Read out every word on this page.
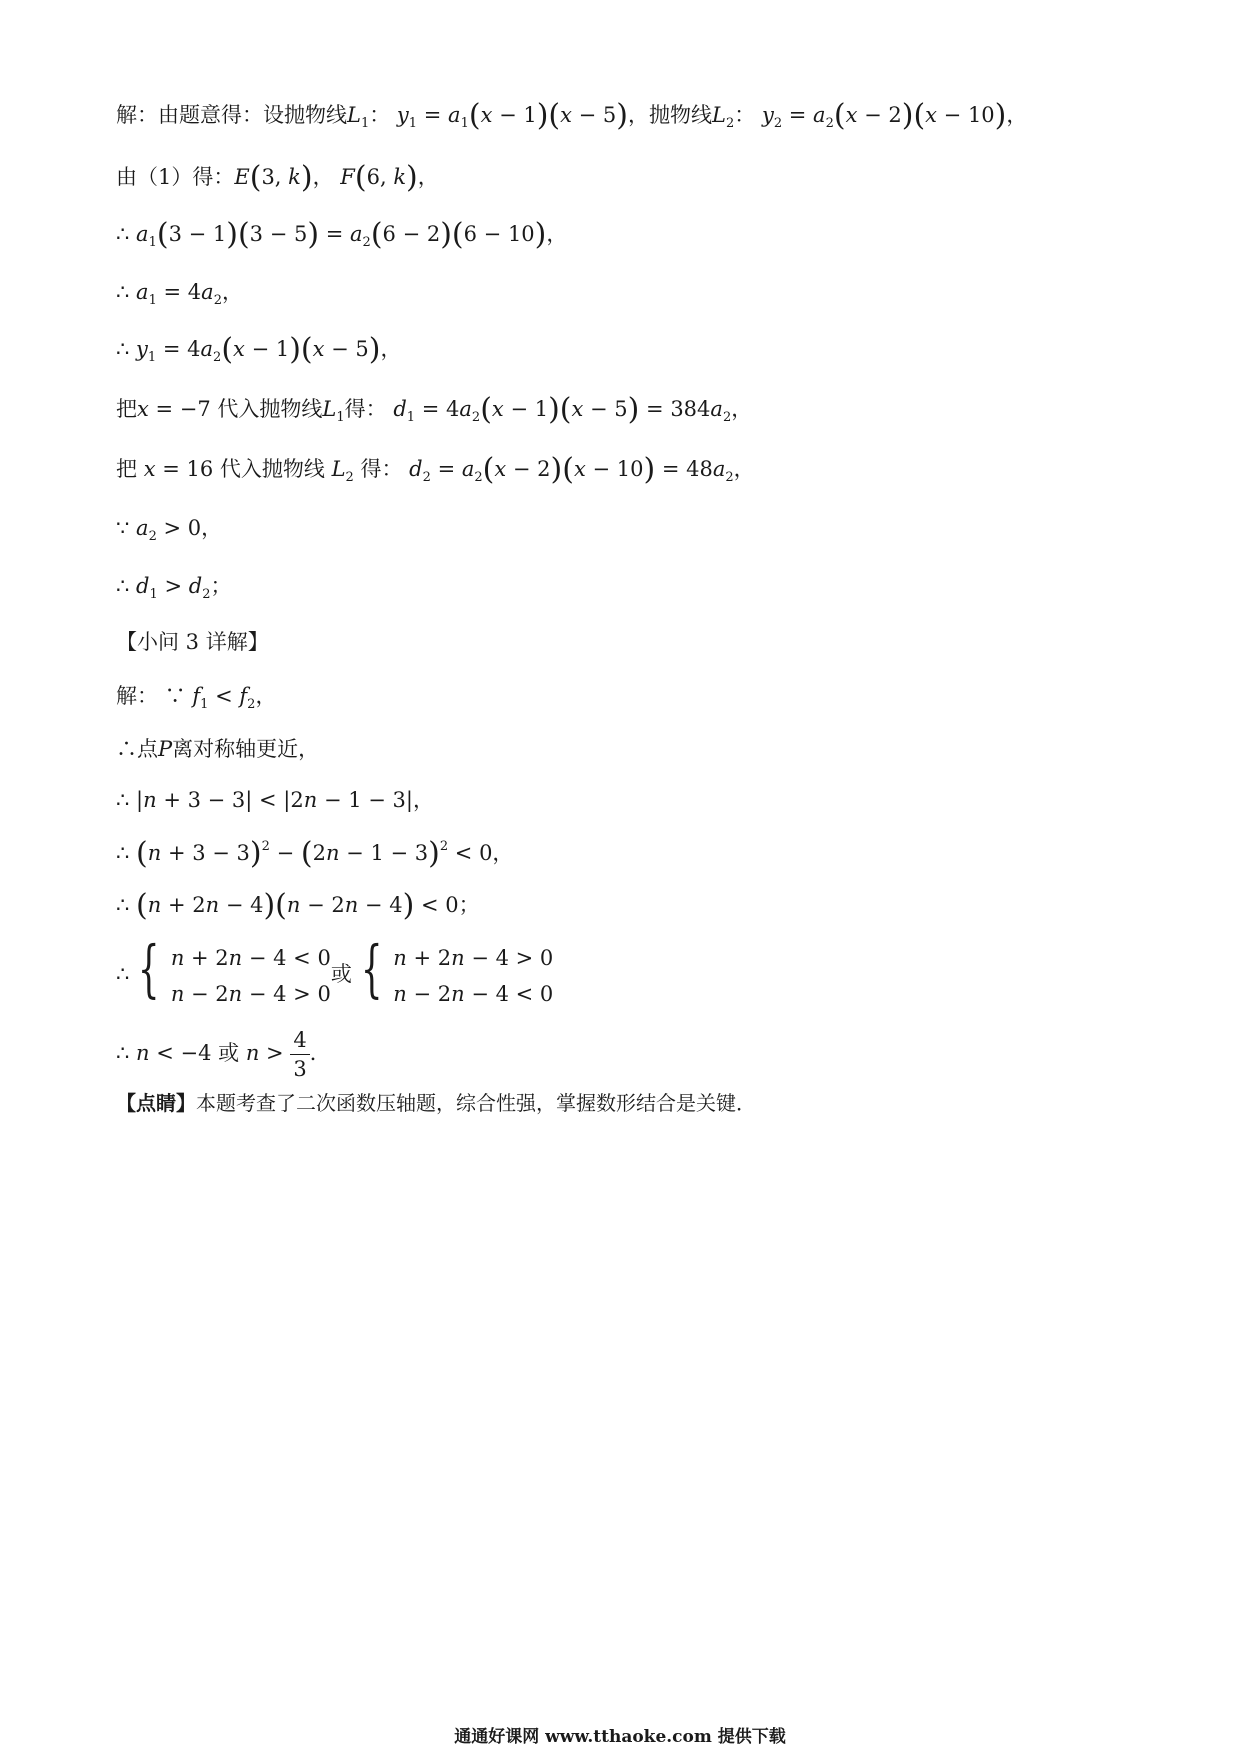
解：由题意得：设抛物线$L_1$： $y_1 = a_1(x - 1)(x - 5)$，抛物线$L_2$： $y_2 = a_2(x - 2)(x - 10)$，
由（1）得：E(3, k)， F(6, k)，
∴ $a_1(3 - 1)(3 - 5) = a_2(6 - 2)(6 - 10)$，
∴ $a_1 = 4a_2$，
∴ $y_1 = 4a_2(x - 1)(x - 5)$，
把x = −7 代入抛物线$L_1$得： $d_1 = 4a_2(x - 1)(x - 5) = 384a_2$，
把 x = 16 代入抛物线 $L_2$ 得： $d_2 = a_2(x - 2)(x - 10) = 48a_2$，
∵ $a_2 > 0$，
∴ $d_1 > d_2$；
【小问 3 详解】
解： ∵ $f_1 < f_2$，
∴点P离对称轴更近，
∴ |n + 3 − 3| < |2n − 1 − 3|，
∴ $(n + 3 - 3)^2 - (2n - 1 - 3)^2 < 0$，
∴ (n + 2n − 4)(n − 2n − 4) < 0；
∴ { n + 2n − 4 < 0
n − 2n − 4 > 0
或 { n + 2n − 4 > 0
n − 2n − 4 < 0
∴ n < −4 或 $n > \frac{4}{3}$ ．
【点睛】本题考查了二次函数压轴题，综合性强，掌握数形结合是关键．
通通好课网 www.tthaoke.com 提供下载
